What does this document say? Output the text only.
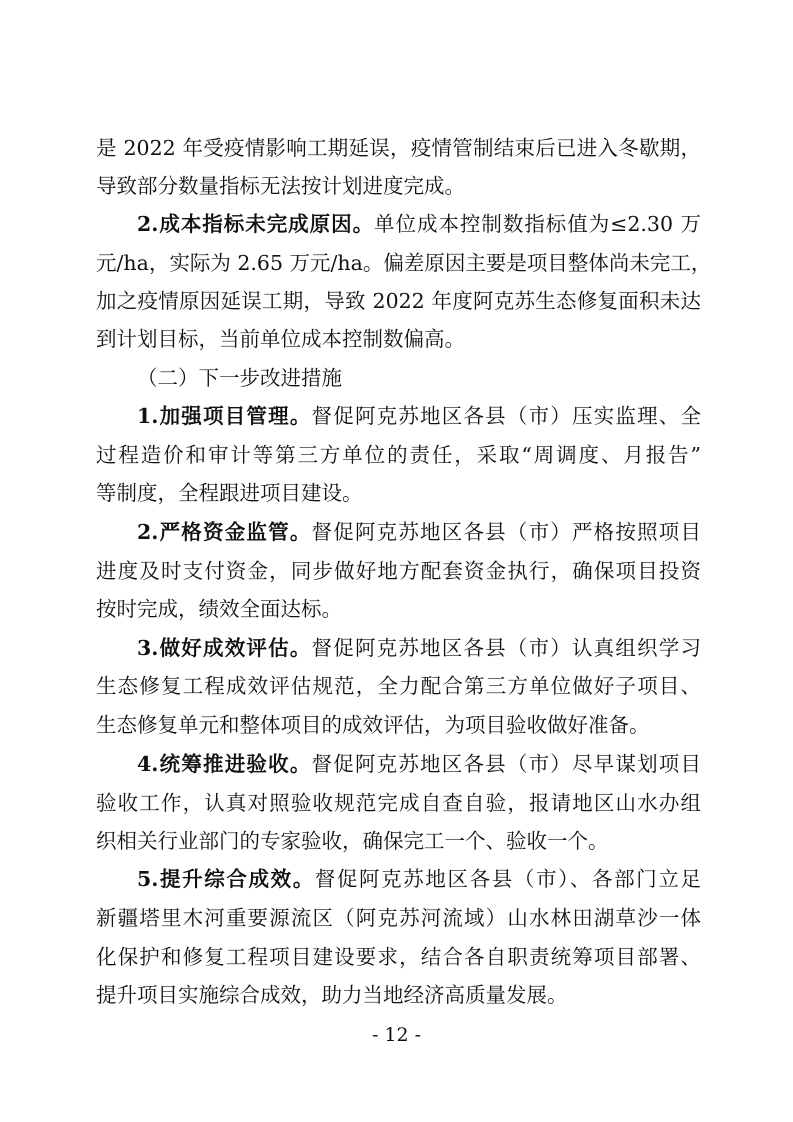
是 2022 年受疫情影响工期延误，疫情管制结束后已进入冬歇期，
导致部分数量指标无法按计划进度完成。
2.成本指标未完成原因。单位成本控制数指标值为≤2.30 万
元/ha，实际为 2.65 万元/ha。偏差原因主要是项目整体尚未完工，
加之疫情原因延误工期，导致 2022 年度阿克苏生态修复面积未达
到计划目标，当前单位成本控制数偏高。
（二）下一步改进措施
1.加强项目管理。督促阿克苏地区各县（市）压实监理、全
过程造价和审计等第三方单位的责任，采取“周调度、月报告”
等制度，全程跟进项目建设。
2.严格资金监管。督促阿克苏地区各县（市）严格按照项目
进度及时支付资金，同步做好地方配套资金执行，确保项目投资
按时完成，绩效全面达标。
3.做好成效评估。督促阿克苏地区各县（市）认真组织学习
生态修复工程成效评估规范，全力配合第三方单位做好子项目、
生态修复单元和整体项目的成效评估，为项目验收做好准备。
4.统筹推进验收。督促阿克苏地区各县（市）尽早谋划项目
验收工作，认真对照验收规范完成自查自验，报请地区山水办组
织相关行业部门的专家验收，确保完工一个、验收一个。
5.提升综合成效。督促阿克苏地区各县（市）、各部门立足
新疆塔里木河重要源流区（阿克苏河流域）山水林田湖草沙一体
化保护和修复工程项目建设要求，结合各自职责统筹项目部署、
提升项目实施综合成效，助力当地经济高质量发展。
- 12 -
